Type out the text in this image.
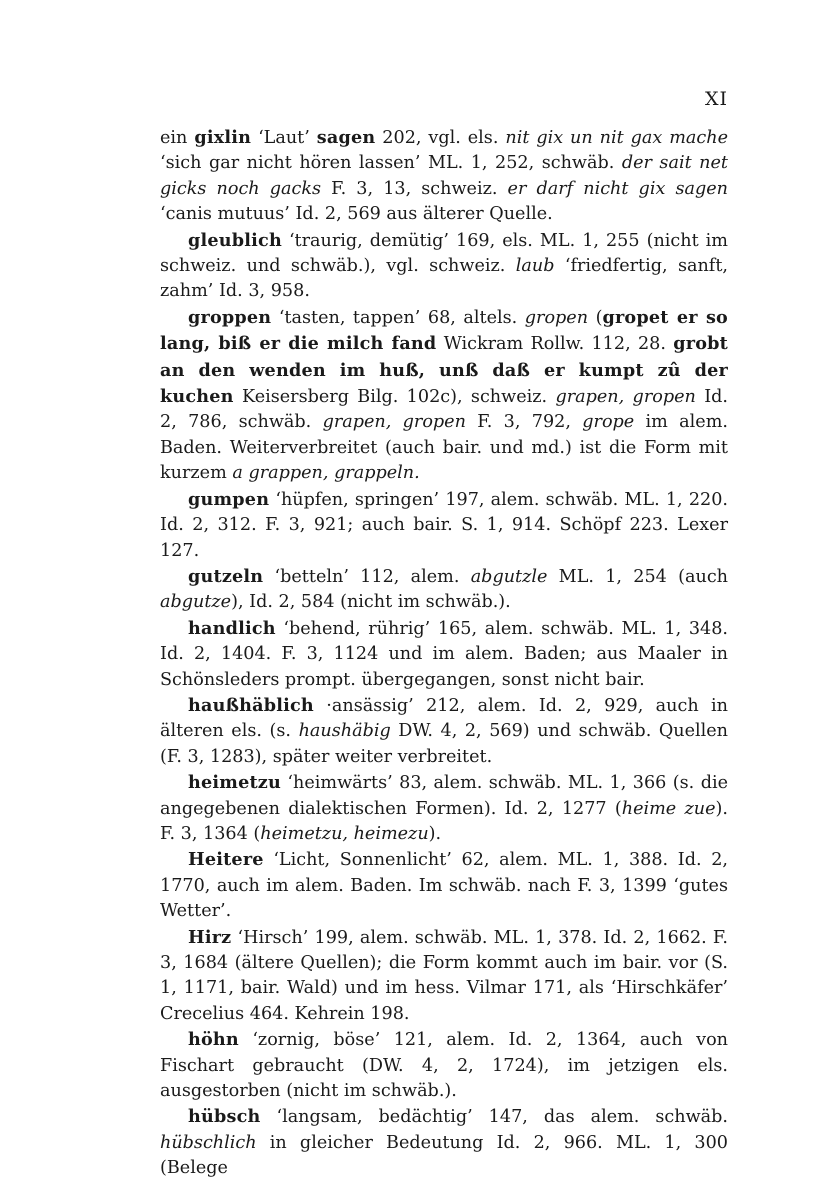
XI

ein gixlin ‘Laut’ sagen 202, vgl. els. nit gix un nit gax mache ‘sich gar nicht hören lassen’ ML. 1, 252, schwäb. der sait net gicks noch gacks F. 3, 13, schweiz. er darf nicht gix sagen ‘canis mutuus’ Id. 2, 569 aus älterer Quelle.

gleublich ‘traurig, demütig’ 169, els. ML. 1, 255 (nicht im schweiz. und schwäb.), vgl. schweiz. laub ‘friedfertig, sanft, zahm’ Id. 3, 958.

groppen ‘tasten, tappen’ 68, altels. gropen (gropet er so lang, biß er die milch fand Wickram Rollw. 112, 28. grobt an den wenden im huß, unß daß er kumpt zû der kuchen Keisersberg Bilg. 102c), schweiz. grapen, gropen Id. 2, 786, schwäb. grapen, gropen F. 3, 792, grope im alem. Baden. Weiterverbreitet (auch bair. und md.) ist die Form mit kurzem a grappen, grappeln.

gumpen ‘hüpfen, springen’ 197, alem. schwäb. ML. 1, 220. Id. 2, 312. F. 3, 921; auch bair. S. 1, 914. Schöpf 223. Lexer 127.

gutzeln ‘betteln’ 112, alem. abgutzle ML. 1, 254 (auch abgutze), Id. 2, 584 (nicht im schwäb.).

handlich ‘behend, rührig’ 165, alem. schwäb. ML. 1, 348. Id. 2, 1404. F. 3, 1124 und im alem. Baden; aus Maaler in Schönsleders prompt. übergegangen, sonst nicht bair.

haußhäblich ·ansässig’ 212, alem. Id. 2, 929, auch in älteren els. (s. haushäbig DW. 4, 2, 569) und schwäb. Quellen (F. 3, 1283), später weiter verbreitet.

heimetzu ‘heimwärts’ 83, alem. schwäb. ML. 1, 366 (s. die angegebenen dialektischen Formen). Id. 2, 1277 (heime zue). F. 3, 1364 (heimetzu, heimezu).

Heitere ‘Licht, Sonnenlicht’ 62, alem. ML. 1, 388. Id. 2, 1770, auch im alem. Baden. Im schwäb. nach F. 3, 1399 ‘gutes Wetter’.

Hirz ‘Hirsch’ 199, alem. schwäb. ML. 1, 378. Id. 2, 1662. F. 3, 1684 (ältere Quellen); die Form kommt auch im bair. vor (S. 1, 1171, bair. Wald) und im hess. Vilmar 171, als ‘Hirschkäfer’ Crecelius 464. Kehrein 198.

höhn ‘zornig, böse’ 121, alem. Id. 2, 1364, auch von Fischart gebraucht (DW. 4, 2, 1724), im jetzigen els. ausgestorben (nicht im schwäb.).

hübsch ‘langsam, bedächtig’ 147, das alem. schwäb. hübschlich in gleicher Bedeutung Id. 2, 966. ML. 1, 300 (Belege
